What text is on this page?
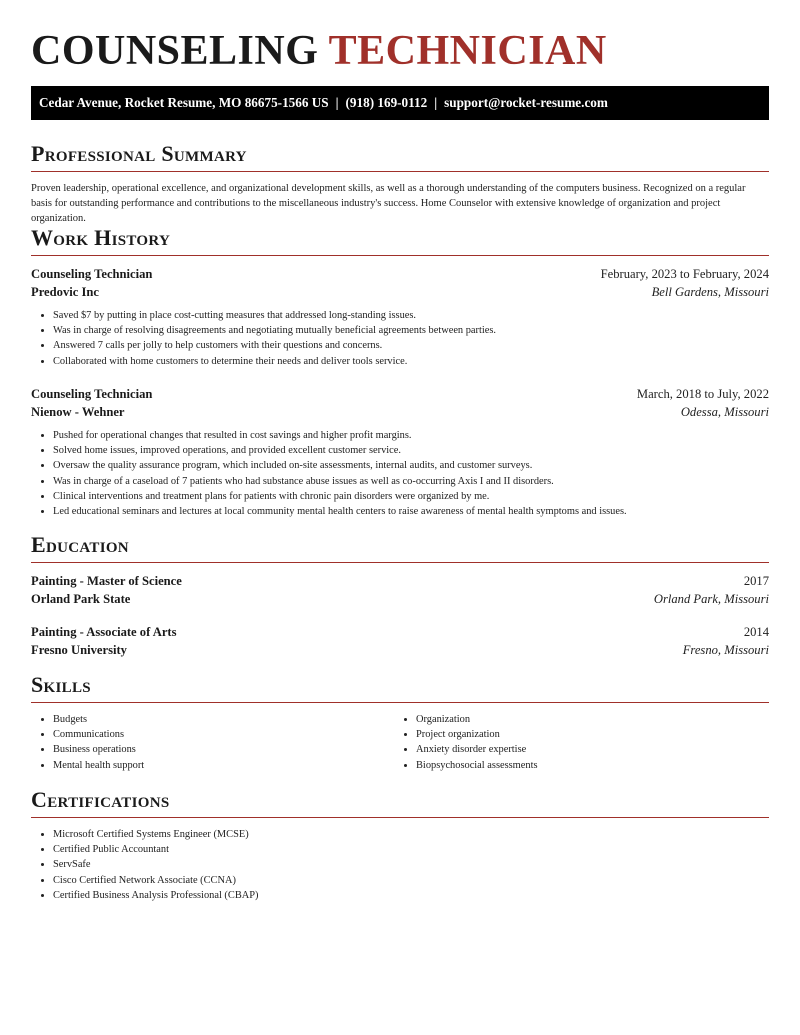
COUNSELING TECHNICIAN
Cedar Avenue, Rocket Resume, MO 86675-1566 US | (918) 169-0112 | support@rocket-resume.com
Professional Summary

Proven leadership, operational excellence, and organizational development skills, as well as a thorough understanding of the computers business. Recognized on a regular basis for outstanding performance and contributions to the miscellaneous industry's success. Home Counselor with extensive knowledge of organization and project organization.

Work History
Counseling Technician	February, 2023 to February, 2024
Predovic Inc	Bell Gardens, Missouri
• Saved $7 by putting in place cost-cutting measures that addressed long-standing issues.
• Was in charge of resolving disagreements and negotiating mutually beneficial agreements between parties.
• Answered 7 calls per jolly to help customers with their questions and concerns.
• Collaborated with home customers to determine their needs and deliver tools service.
Counseling Technician	March, 2018 to July, 2022
Nienow - Wehner	Odessa, Missouri
• Pushed for operational changes that resulted in cost savings and higher profit margins.
• Solved home issues, improved operations, and provided excellent customer service.
• Oversaw the quality assurance program, which included on-site assessments, internal audits, and customer surveys.
• Was in charge of a caseload of 7 patients who had substance abuse issues as well as co-occurring Axis I and II disorders.
• Clinical interventions and treatment plans for patients with chronic pain disorders were organized by me.
• Led educational seminars and lectures at local community mental health centers to raise awareness of mental health symptoms and issues.
Education
Painting - Master of Science	2017
Orland Park State	Orland Park, Missouri
Painting - Associate of Arts	2014
Fresno University	Fresno, Missouri
Skills
• Budgets
• Communications
• Business operations
• Mental health support
• Organization
• Project organization
• Anxiety disorder expertise
• Biopsychosocial assessments
Certifications
• Microsoft Certified Systems Engineer (MCSE)
• Certified Public Accountant
• ServSafe
• Cisco Certified Network Associate (CCNA)
• Certified Business Analysis Professional (CBAP)
